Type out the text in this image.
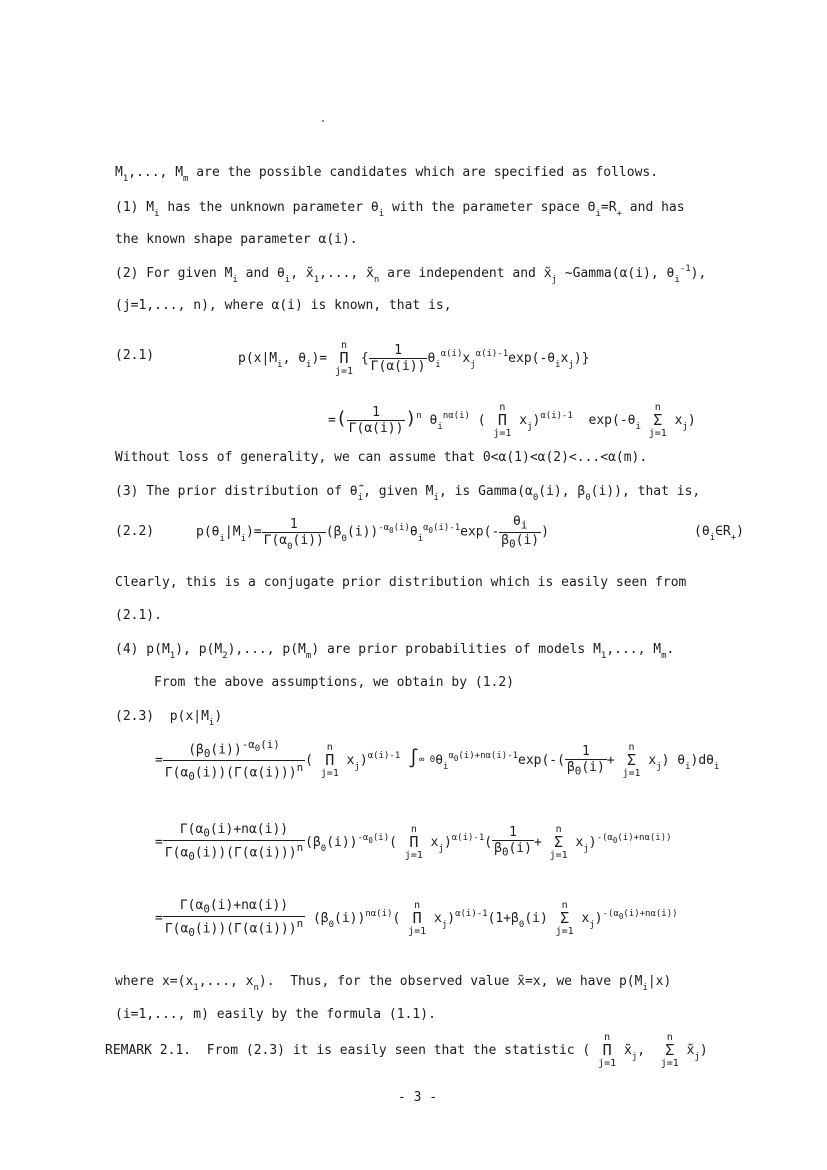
$M_1$,..., $M_m$ are the possible candidates which are specified as follows.
(1) $M_i$ has the unknown parameter $\theta_i$ with the parameter space $\Theta_i=R_+$ and has
the known shape parameter α(i).
(2) For given $M_i$ and $\theta_i$, $x̃_1$,..., $x̃_n$ are independent and $x̃_j$ ~Gamma(α(i), $\theta_i^{-1}$),
(j=1,..., n), where α(i) is known, that is,
(2.1)	$p(x|M_i$, $\theta_i)= n$
Π
j=1 { $\frac{1}{\Gamma(\alpha(i))} \theta_i^{\alpha(i)}x_j^{\alpha(i)-1}\exp(-\theta_ix_j)$}
=( $\frac{1}{\Gamma(\alpha(i))} )^n$ $\theta_i^{n\alpha(i)}$ ( n
Π
j=1 $x_j)^{\alpha(i)-1}$  $\exp(-\theta_i$ n
Σ
j=1 $x_j$)
Without loss of generality, we can assume that 0<α(1)<α(2)<...<α(m).
(3) The prior distribution of $\thetã_i$, given $M_i$, is $Gamma(\alpha_0(i)$, $\beta_0(i)$), that is,
(2.2)	$p(\theta_i|M_i)= \frac{1}{\Gamma(\alpha_0(i))} (\beta_0(i))^{-\alpha_0(i)}\theta_i^{\alpha_0(i)-1}\exp(- \frac{\theta_i}{\beta_0(i)}$ )	$(\theta_i\in R_+)$
Clearly, this is a conjugate prior distribution which is easily seen from
(2.1).
(4) $p(M_1)$, $p(M_2)$,..., $p(M_m)$ are prior probabilities of models $M_1$,..., $M_m$.
From the above assumptions, we obtain by (1.2)
(2.3)  $p(x|M_i)$
= $\frac{(\beta_0(i))^{-\alpha_0(i)}}{\Gamma(\alpha_0(i))(\Gamma(\alpha(i)))^n}$ ( n
Π
j=1 $x_j)^{\alpha(i)-1}$ ∫∞ $0\theta_i^{\alpha_0(i)+n\alpha(i)-1}\exp(-( \frac{1}{\beta_0(i)} + n$
Σ
j=1 $x_j$) $\theta_i)d\theta_i$
= $\frac{\Gamma(\alpha_0(i)+n\alpha(i))}{\Gamma(\alpha_0(i))(\Gamma(\alpha(i)))^n} (\beta_0(i))^{-\alpha_0(i)}$( n
Π
j=1 $x_j)^{\alpha(i)-1}( \frac{1}{\beta_0(i)} + n$
Σ
j=1 $x_j)^{-(\alpha_0(i)+n\alpha(i))}$
= $\frac{\Gamma(\alpha_0(i)+n\alpha(i))}{\Gamma(\alpha_0(i))(\Gamma(\alpha(i)))^n} (\beta_0(i))^{n\alpha(i)}$( n
Π
j=1 $x_j)^{\alpha(i)-1}(1+\beta_0(i)$ n
Σ
j=1 $x_j)^{-(\alpha_0(i)+n\alpha(i))}$
where $x=(x_1$,..., $x_n$).  Thus, for the observed value x̃=x, we have $p(M_i|x)$
(i=1,..., m) easily by the formula (1.1).
REMARK 2.1.  From (2.3) it is easily seen that the statistic ( n
Π
j=1 $x̃_j$,  n
Σ
j=1 $x̃_j$)
- 3 -
